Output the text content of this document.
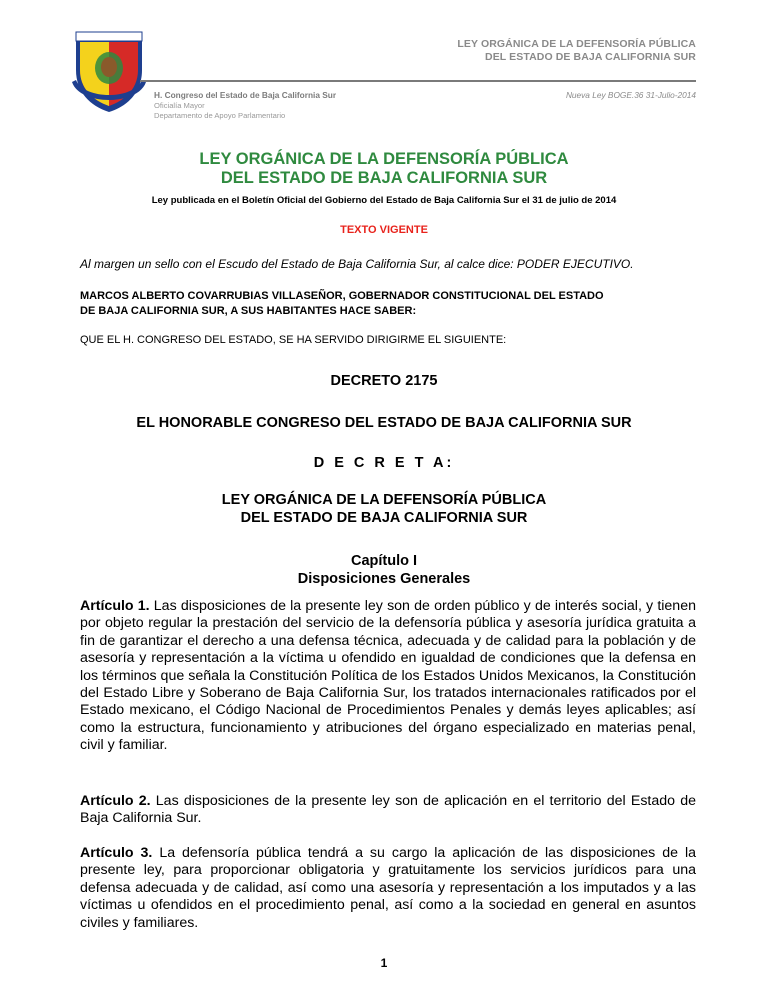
LEY ORGÁNICA DE LA DEFENSORÍA PÚBLICA
DEL ESTADO DE BAJA CALIFORNIA SUR
H. Congreso del Estado de Baja California Sur
Oficialía Mayor
Departamento de Apoyo Parlamentario
Nueva Ley BOGE.36 31-Julio-2014
LEY ORGÁNICA DE LA DEFENSORÍA PÚBLICA
DEL ESTADO DE BAJA CALIFORNIA SUR
Ley publicada en el Boletín Oficial del Gobierno del Estado de Baja California Sur el 31 de julio de 2014
TEXTO VIGENTE
Al margen un sello con el Escudo del Estado de Baja California Sur, al calce dice: PODER EJECUTIVO.
MARCOS ALBERTO COVARRUBIAS VILLASEÑOR, GOBERNADOR CONSTITUCIONAL DEL ESTADO
DE BAJA CALIFORNIA SUR, A SUS HABITANTES HACE SABER:
QUE EL H. CONGRESO DEL ESTADO, SE HA SERVIDO DIRIGIRME EL SIGUIENTE:
DECRETO 2175
EL HONORABLE CONGRESO DEL ESTADO DE BAJA CALIFORNIA SUR
D E C R E T A:
LEY ORGÁNICA DE LA DEFENSORÍA PÚBLICA
DEL ESTADO DE BAJA CALIFORNIA SUR
Capítulo I
Disposiciones Generales
Artículo 1. Las disposiciones de la presente ley son de orden público y de interés social, y tienen por objeto regular la prestación del servicio de la defensoría pública y asesoría jurídica gratuita a fin de garantizar el derecho a una defensa técnica, adecuada y de calidad para la población y de asesoría y representación a la víctima u ofendido en igualdad de condiciones que la defensa en los términos que señala la Constitución Política de los Estados Unidos Mexicanos, la Constitución del Estado Libre y Soberano de Baja California Sur, los tratados internacionales ratificados por el Estado mexicano, el Código Nacional de Procedimientos Penales y demás leyes aplicables; así como la estructura, funcionamiento y atribuciones del órgano especializado en materias penal, civil y familiar.
Artículo 2. Las disposiciones de la presente ley son de aplicación en el territorio del Estado de Baja California Sur.
Artículo 3. La defensoría pública tendrá a su cargo la aplicación de las disposiciones de la presente ley, para proporcionar obligatoria y gratuitamente los servicios jurídicos para una defensa adecuada y de calidad, así como una asesoría y representación a los imputados y a las víctimas u ofendidos en el procedimiento penal, así como a la sociedad en general en asuntos civiles y familiares.
1
